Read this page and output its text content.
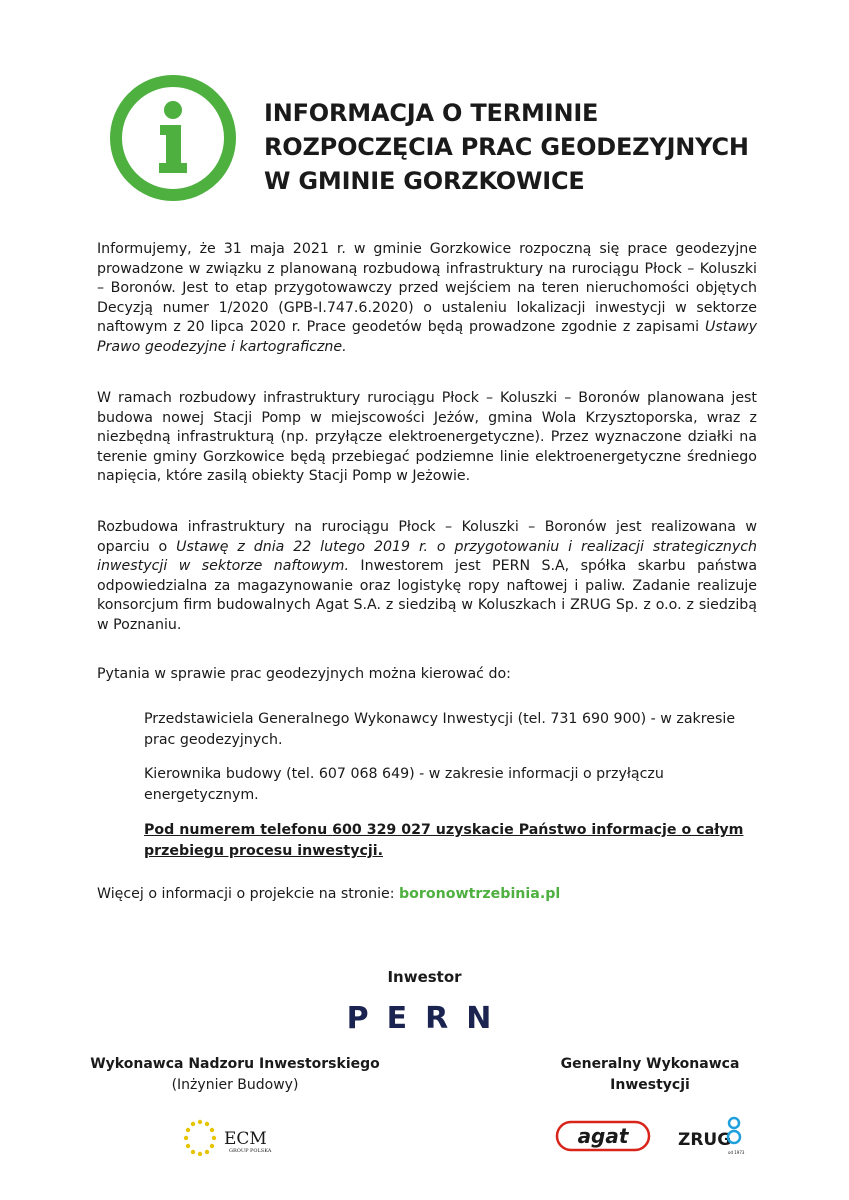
INFORMACJA O TERMINIE
ROZPOCZĘCIA PRAC GEODEZYJNYCH
W GMINIE GORZKOWICE

Informujemy, że 31 maja 2021 r. w gminie Gorzkowice rozpoczną się prace geodezyjne prowadzone w związku z planowaną rozbudową infrastruktury na rurociągu Płock – Koluszki – Boronów. Jest to etap przygotowawczy przed wejściem na teren nieruchomości objętych Decyzją numer 1/2020 (GPB-I.747.6.2020) o ustaleniu lokalizacji inwestycji w sektorze naftowym z 20 lipca 2020 r. Prace geodetów będą prowadzone zgodnie z zapisami Ustawy Prawo geodezyjne i kartograficzne.

W ramach rozbudowy infrastruktury rurociągu Płock – Koluszki – Boronów planowana jest budowa nowej Stacji Pomp w miejscowości Jeżów, gmina Wola Krzysztoporska, wraz z niezbędną infrastrukturą (np. przyłącze elektroenergetyczne). Przez wyznaczone działki na terenie gminy Gorzkowice będą przebiegać podziemne linie elektroenergetyczne średniego napięcia, które zasilą obiekty Stacji Pomp w Jeżowie.

Rozbudowa infrastruktury na rurociągu Płock – Koluszki – Boronów jest realizowana w oparciu o Ustawę z dnia 22 lutego 2019 r. o przygotowaniu i realizacji strategicznych inwestycji w sektorze naftowym. Inwestorem jest PERN S.A, spółka skarbu państwa odpowiedzialna za magazynowanie oraz logistykę ropy naftowej i paliw. Zadanie realizuje konsorcjum firm budowalnych Agat S.A. z siedzibą w Koluszkach i ZRUG Sp. z o.o. z siedzibą w Poznaniu.

Pytania w sprawie prac geodezyjnych można kierować do:

Przedstawiciela Generalnego Wykonawcy Inwestycji (tel. 731 690 900) - w zakresie prac geodezyjnych.

Kierownika budowy (tel. 607 068 649) - w zakresie informacji o przyłączu energetycznym.

Pod numerem telefonu 600 329 027 uzyskacie Państwo informacje o całym przebiegu procesu inwestycji.

Więcej o informacji o projekcie na stronie: boronowtrzebinia.pl

Inwestor
PERN
Wykonawca Nadzoru Inwestorskiego
(Inżynier Budowy)
ECM
GROUP POLSKA
Generalny Wykonawca
Inwestycji
agat	ZRUG
od 1973
